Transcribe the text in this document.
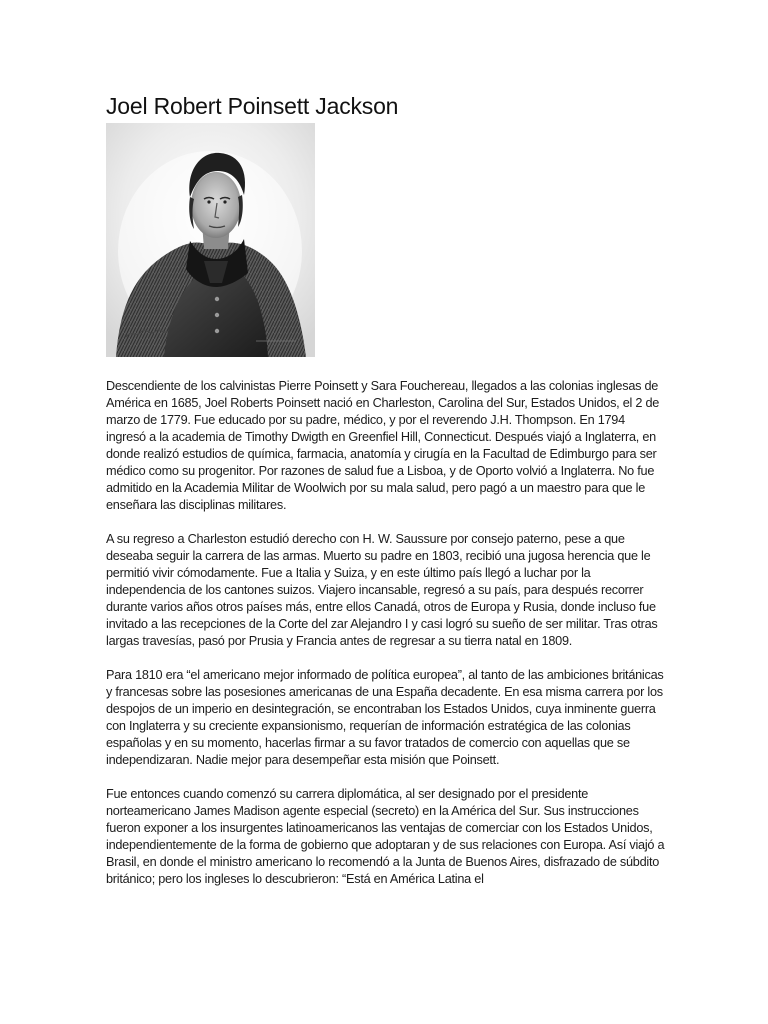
Joel Robert Poinsett Jackson

Descendiente de los calvinistas Pierre Poinsett y Sara Fouchereau, llegados a las colonias inglesas de América en 1685, Joel Roberts Poinsett nació en Charleston, Carolina del Sur, Estados Unidos, el 2 de marzo de 1779. Fue educado por su padre, médico, y por el reverendo J.H. Thompson. En 1794 ingresó a la academia de Timothy Dwigth en Greenfiel Hill, Connecticut. Después viajó a Inglaterra, en donde realizó estudios de química, farmacia, anatomía y cirugía en la Facultad de Edimburgo para ser médico como su progenitor. Por razones de salud fue a Lisboa, y de Oporto volvió a Inglaterra. No fue admitido en la Academia Militar de Woolwich por su mala salud, pero pagó a un maestro para que le enseñara las disciplinas militares.

A su regreso a Charleston estudió derecho con H. W. Saussure por consejo paterno, pese a que deseaba seguir la carrera de las armas. Muerto su padre en 1803, recibió una jugosa herencia que le permitió vivir cómodamente. Fue a Italia y Suiza, y en este último país llegó a luchar por la independencia de los cantones suizos. Viajero incansable, regresó a su país, para después recorrer durante varios años otros países más, entre ellos Canadá, otros de Europa y Rusia, donde incluso fue invitado a las recepciones de la Corte del zar Alejandro I y casi logró su sueño de ser militar. Tras otras largas travesías, pasó por Prusia y Francia antes de regresar a su tierra natal en 1809.

Para 1810 era “el americano mejor informado de política europea”, al tanto de las ambiciones británicas y francesas sobre las posesiones americanas de una España decadente. En esa misma carrera por los despojos de un imperio en desintegración, se encontraban los Estados Unidos, cuya inminente guerra con Inglaterra y su creciente expansionismo, requerían de información estratégica de las colonias españolas y en su momento, hacerlas firmar a su favor tratados de comercio con aquellas que se independizaran. Nadie mejor para desempeñar esta misión que Poinsett.

Fue entonces cuando comenzó su carrera diplomática, al ser designado por el presidente norteamericano James Madison agente especial (secreto) en la América del Sur. Sus instrucciones fueron exponer a los insurgentes latinoamericanos las ventajas de comerciar con los Estados Unidos, independientemente de la forma de gobierno que adoptaran y de sus relaciones con Europa. Así viajó a Brasil, en donde el ministro americano lo recomendó a la Junta de Buenos Aires, disfrazado de súbdito británico; pero los ingleses lo descubrieron: “Está en América Latina el
